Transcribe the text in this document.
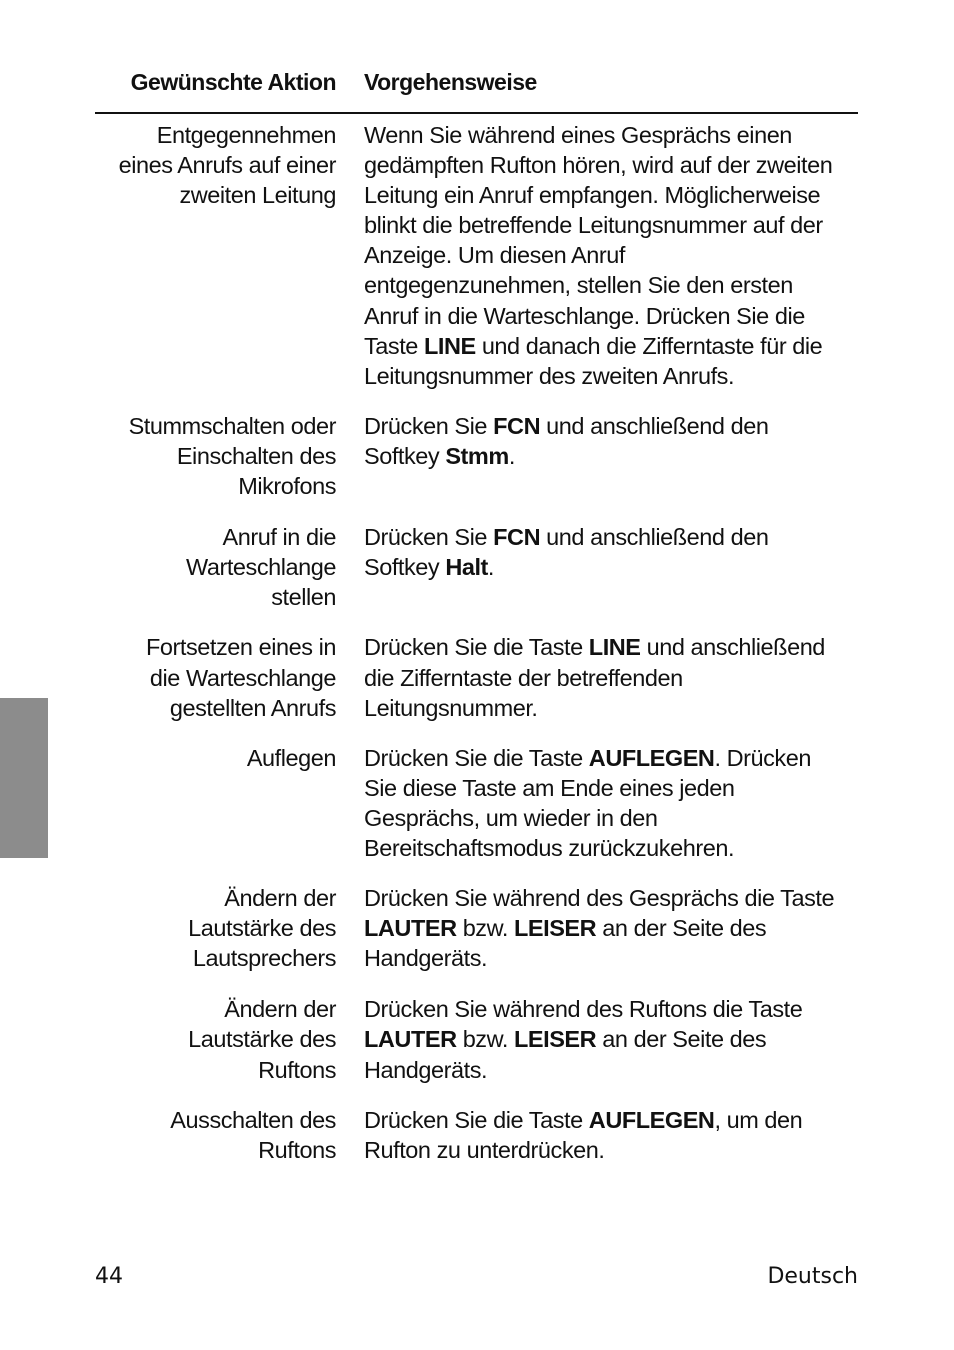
Gewünschte Aktion Vorgehensweise
Entgegennehmen
eines Anrufs auf einer
zweiten Leitung
Wenn Sie während eines Gesprächs einen
gedämpften Rufton hören, wird auf der zweiten
Leitung ein Anruf empfangen. Möglicherweise
blinkt die betreffende Leitungsnummer auf der
Anzeige. Um diesen Anruf
entgegenzunehmen, stellen Sie den ersten
Anruf in die Warteschlange. Drücken Sie die
Taste LINE und danach die Zifferntaste für die
Leitungsnummer des zweiten Anrufs.
Stummschalten oder
Einschalten des
Mikrofons
Drücken Sie FCN und anschließend den
Softkey Stmm.
Anruf in die
Warteschlange
stellen
Drücken Sie FCN und anschließend den
Softkey Halt.
Fortsetzen eines in
die Warteschlange
gestellten Anrufs
Drücken Sie die Taste LINE und anschließend
die Zifferntaste der betreffenden
Leitungsnummer.
Auflegen Drücken Sie die Taste AUFLEGEN. Drücken
Sie diese Taste am Ende eines jeden
Gesprächs, um wieder in den
Bereitschaftsmodus zurückzukehren.
Ändern der
Lautstärke des
Lautsprechers
Drücken Sie während des Gesprächs die Taste
LAUTER bzw. LEISER an der Seite des
Handgeräts.
Ändern der
Lautstärke des
Ruftons
Drücken Sie während des Ruftons die Taste
LAUTER bzw. LEISER an der Seite des
Handgeräts.
Ausschalten des
Ruftons
Drücken Sie die Taste AUFLEGEN, um den
Rufton zu unterdrücken.
44	Deutsch
